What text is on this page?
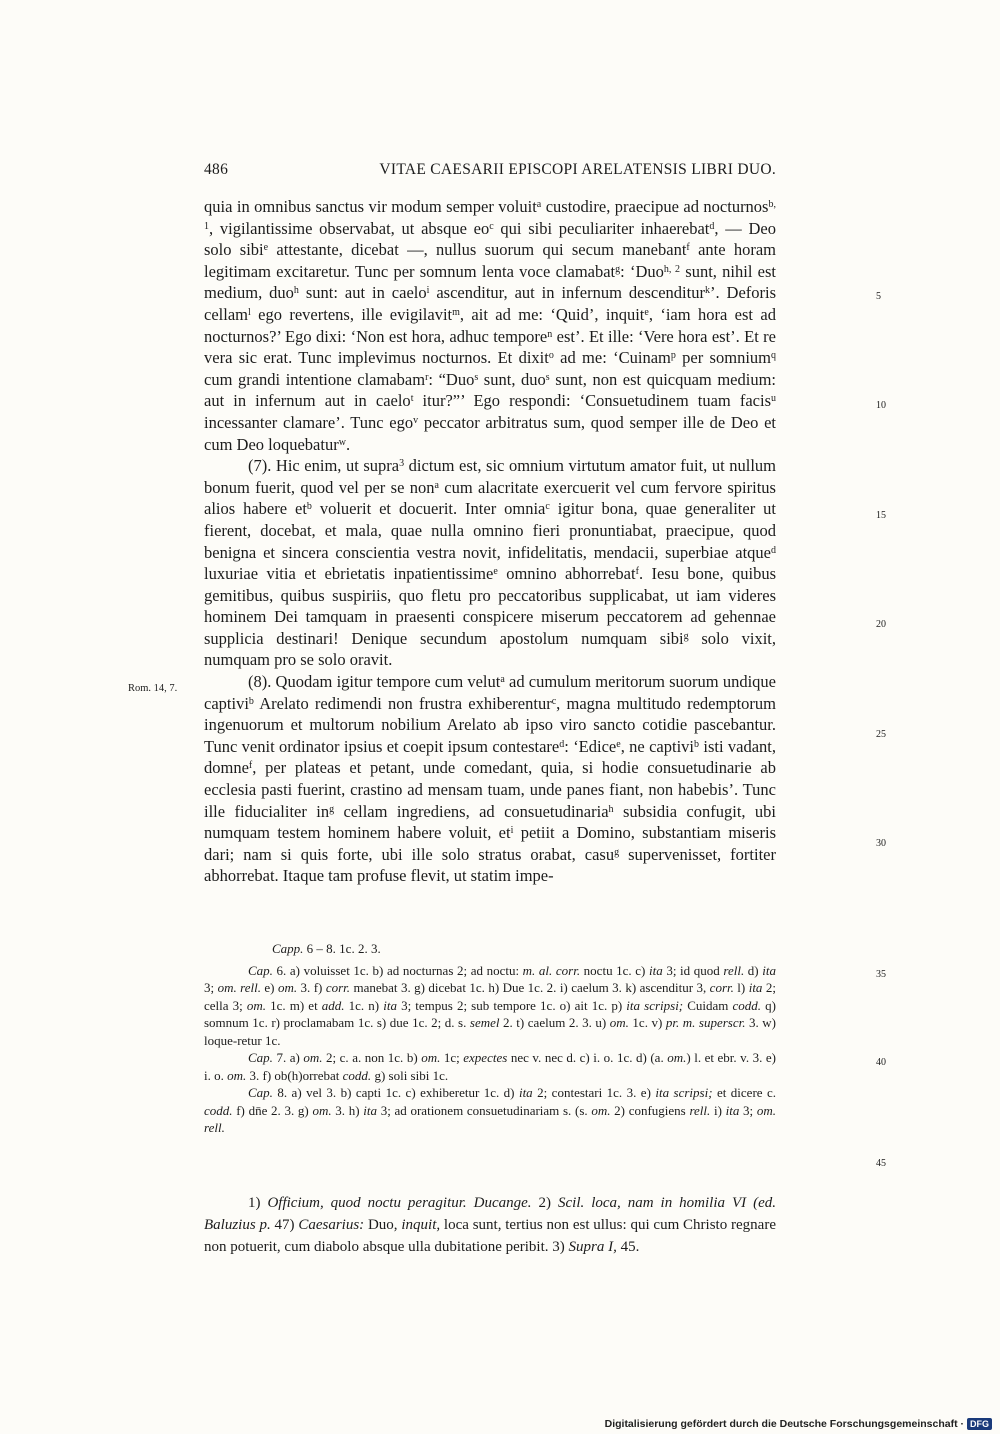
486	VITAE CAESARII EPISCOPI ARELATENSIS LIBRI DUO.

quia in omnibus sanctus vir modum semper voluit$^a$ custodire, praecipue ad nocturnos$^{b, 1}$, vigilantissime observabat, ut absque $eo^c$ qui sibi peculiariter inhaerebat$^d$, — Deo solo sibi$^e$ attestante, dicebat —, nullus suorum qui secum manebant$^f$ ante horam legitimam excitaretur. Tunc per somnum lenta voce clamabat$^g$: ‘Duo$^{h, 2}$ sunt, nihil est medium, duo$^h$ sunt: aut in caelo$^i$ ascenditur, aut in infernum descenditur$^k$’. Deforis cellam$^l$ ego revertens, ille evigilavit$^m$, ait ad me: ‘Quid’, inquit$^e$, ‘iam hora est ad nocturnos?’ Ego dixi: ‘Non est hora, adhuc tempore$^n$ est’. Et ille: ‘Vere hora est’. Et re vera sic erat. Tunc implevimus nocturnos. Et dixit$^o$ ad me: ‘Cuinam$^p$ per somnium$^q$ cum grandi intentione clamabam$^r$: “Duo$^s$ sunt, duo$^s$ sunt, non est quicquam medium: aut in infernum aut in caelo$^t$ itur?”’ Ego respondi: ‘Consuetudinem tuam facis$^u$ incessanter clamare’. Tunc ego$^v$ peccator arbitratus sum, quod semper ille de Deo et cum Deo loquebatur$^w$.

(7). Hic enim, ut supra$^3$ dictum est, sic omnium virtutum amator fuit, ut nullum bonum fuerit, quod vel per se non$^a$ cum alacritate exercuerit vel cum fervore spiritus alios habere $et^b$ voluerit et docuerit. Inter omnia$^c$ igitur bona, quae generaliter ut fierent, docebat, et mala, quae nulla omnino fieri pronuntiabat, praecipue, quod benigna et sincera conscientia vestra novit, infidelitatis, mendacii, superbiae atque$^d$ luxuriae vitia et ebrietatis inpatientissime$^e$ omnino abhorrebat$^f$. Iesu bone, quibus gemitibus, quibus suspiriis, quo fletu pro peccatoribus supplicabat, ut iam videres hominem Dei tamquam in praesenti conspicere miserum peccatorem ad gehennae supplicia destinari! Denique secundum apostolum numquam sibi$^g$ solo vixit, numquam pro se solo oravit.

(8). Quodam igitur tempore cum velut$^a$ ad cumulum meritorum suorum undique captivi$^b$ Arelato redimendi non frustra exhiberentur$^c$, magna multitudo redemptorum ingenuorum et multorum nobilium Arelato ab ipso viro sancto cotidie pascebantur. Tunc venit ordinator ipsius et coepit ipsum contestare$^d$: ‘Edice$^e$, ne captivi$^b$ isti vadant, domne$^f$, per plateas et petant, unde comedant, quia, si hodie consuetudinarie ab ecclesia pasti fuerint, crastino ad mensam tuam, unde panes fiant, non habebis’. Tunc ille fiducialiter $in^g$ cellam ingrediens, ad consuetudinaria$^h$ subsidia confugit, ubi numquam testem hominem habere voluit, $et^i$ petiit a Domino, substantiam miseris dari; nam si quis forte, ubi ille solo stratus orabat, casu$^g$ supervenisset, fortiter abhorrebat. Itaque tam profuse flevit, ut statim impe-

5
10
15
20
25
30
Rom. 14, 7.

Capp. 6 – 8. 1c. 2. 3.

Cap. 6. a) voluisset 1c. b) ad nocturnas 2; ad noctu: m. al. corr. noctu 1c. c) ita 3; id quod rell. d) ita 3; om. rell. e) om. 3. f) corr. manebat 3. g) dicebat 1c. h) Due 1c. 2. i) caelum 3. k) ascenditur 3, corr. l) ita 2; cella 3; om. 1c. m) et add. 1c. n) ita 3; tempus 2; sub tempore 1c. o) ait 1c. p) ita scripsi; Cuidam codd. q) somnum 1c. r) proclamabam 1c. s) due 1c. 2; d. s. semel 2. t) caelum 2. 3. u) om. 1c. v) pr. m. superscr. 3. w) loque-retur 1c.

Cap. 7. a) om. 2; c. a. non 1c. b) om. 1c; expectes nec v. nec d. c) i. o. 1c. d) (a. om.) l. et ebr. v. 3. e) i. o. om. 3. f) ob(h)orrebat codd. g) soli sibi 1c.

Cap. 8. a) vel 3. b) capti 1c. c) exhiberetur 1c. d) ita 2; contestari 1c. 3. e) ita scripsi; et dicere c. codd. f) dn̄e 2. 3. g) om. 3. h) ita 3; ad orationem consuetudinariam s. (s. om. 2) confugiens rell. i) ita 3; om. rell.

35
40
45

1) Officium, quod noctu peragitur. Ducange. 2) Scil. loca, nam in homilia VI (ed. Baluzius p. 47) Caesarius: Duo, inquit, loca sunt, tertius non est ullus: qui cum Christo regnare non potuerit, cum diabolo absque ulla dubitatione peribit. 3) Supra I, 45.

Digitalisierung gefördert durch die Deutsche Forschungsgemeinschaft · DFG
